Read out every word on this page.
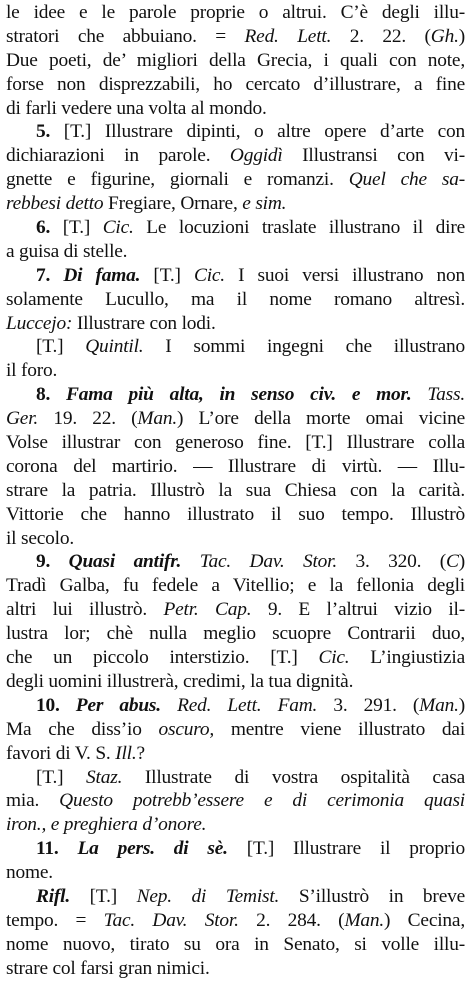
le idee e le parole proprie o altrui. C’è degli illu-
stratori che abbuiano. = Red. Lett. 2. 22. (Gh.)
Due poeti, de’ migliori della Grecia, i quali con note,
forse non disprezzabili, ho cercato d’illustrare, a fine
di farli vedere una volta al mondo.
5. [T.] Illustrare dipinti, o altre opere d’arte con
dichiarazioni in parole. Oggidì Illustransi con vi-
gnette e figurine, giornali e romanzi. Quel che sa-
rebbesi detto Fregiare, Ornare, e sim.
6. [T.] Cic. Le locuzioni traslate illustrano il dire
a guisa di stelle.
7. Di fama. [T.] Cic. I suoi versi illustrano non
solamente Lucullo, ma il nome romano altresì.
Luccejo: Illustrare con lodi.
[T.] Quintil. I sommi ingegni che illustrano
il foro.
8. Fama più alta, in senso civ. e mor. Tass.
Ger. 19. 22. (Man.) L’ore della morte omai vicine
Volse illustrar con generoso fine. [T.] Illustrare colla
corona del martirio. — Illustrare di virtù. — Illu-
strare la patria. Illustrò la sua Chiesa con la carità.
Vittorie che hanno illustrato il suo tempo. Illustrò
il secolo.
9. Quasi antifr. Tac. Dav. Stor. 3. 320. (C)
Tradì Galba, fu fedele a Vitellio; e la fellonia degli
altri lui illustrò. Petr. Cap. 9. E l’altrui vizio il-
lustra lor; chè nulla meglio scuopre Contrarii duo,
che un piccolo interstizio. [T.] Cic. L’ingiustizia
degli uomini illustrerà, credimi, la tua dignità.
10. Per abus. Red. Lett. Fam. 3. 291. (Man.)
Ma che diss’io oscuro, mentre viene illustrato dai
favori di V. S. Ill.?
[T.] Staz. Illustrate di vostra ospitalità casa
mia. Questo potrebb’essere e di cerimonia quasi
iron., e preghiera d’onore.
11. La pers. di sè. [T.] Illustrare il proprio
nome.
Rifl. [T.] Nep. di Temist. S’illustrò in breve
tempo. = Tac. Dav. Stor. 2. 284. (Man.) Cecina,
nome nuovo, tirato su ora in Senato, si volle illu-
strare col farsi gran nimici.
